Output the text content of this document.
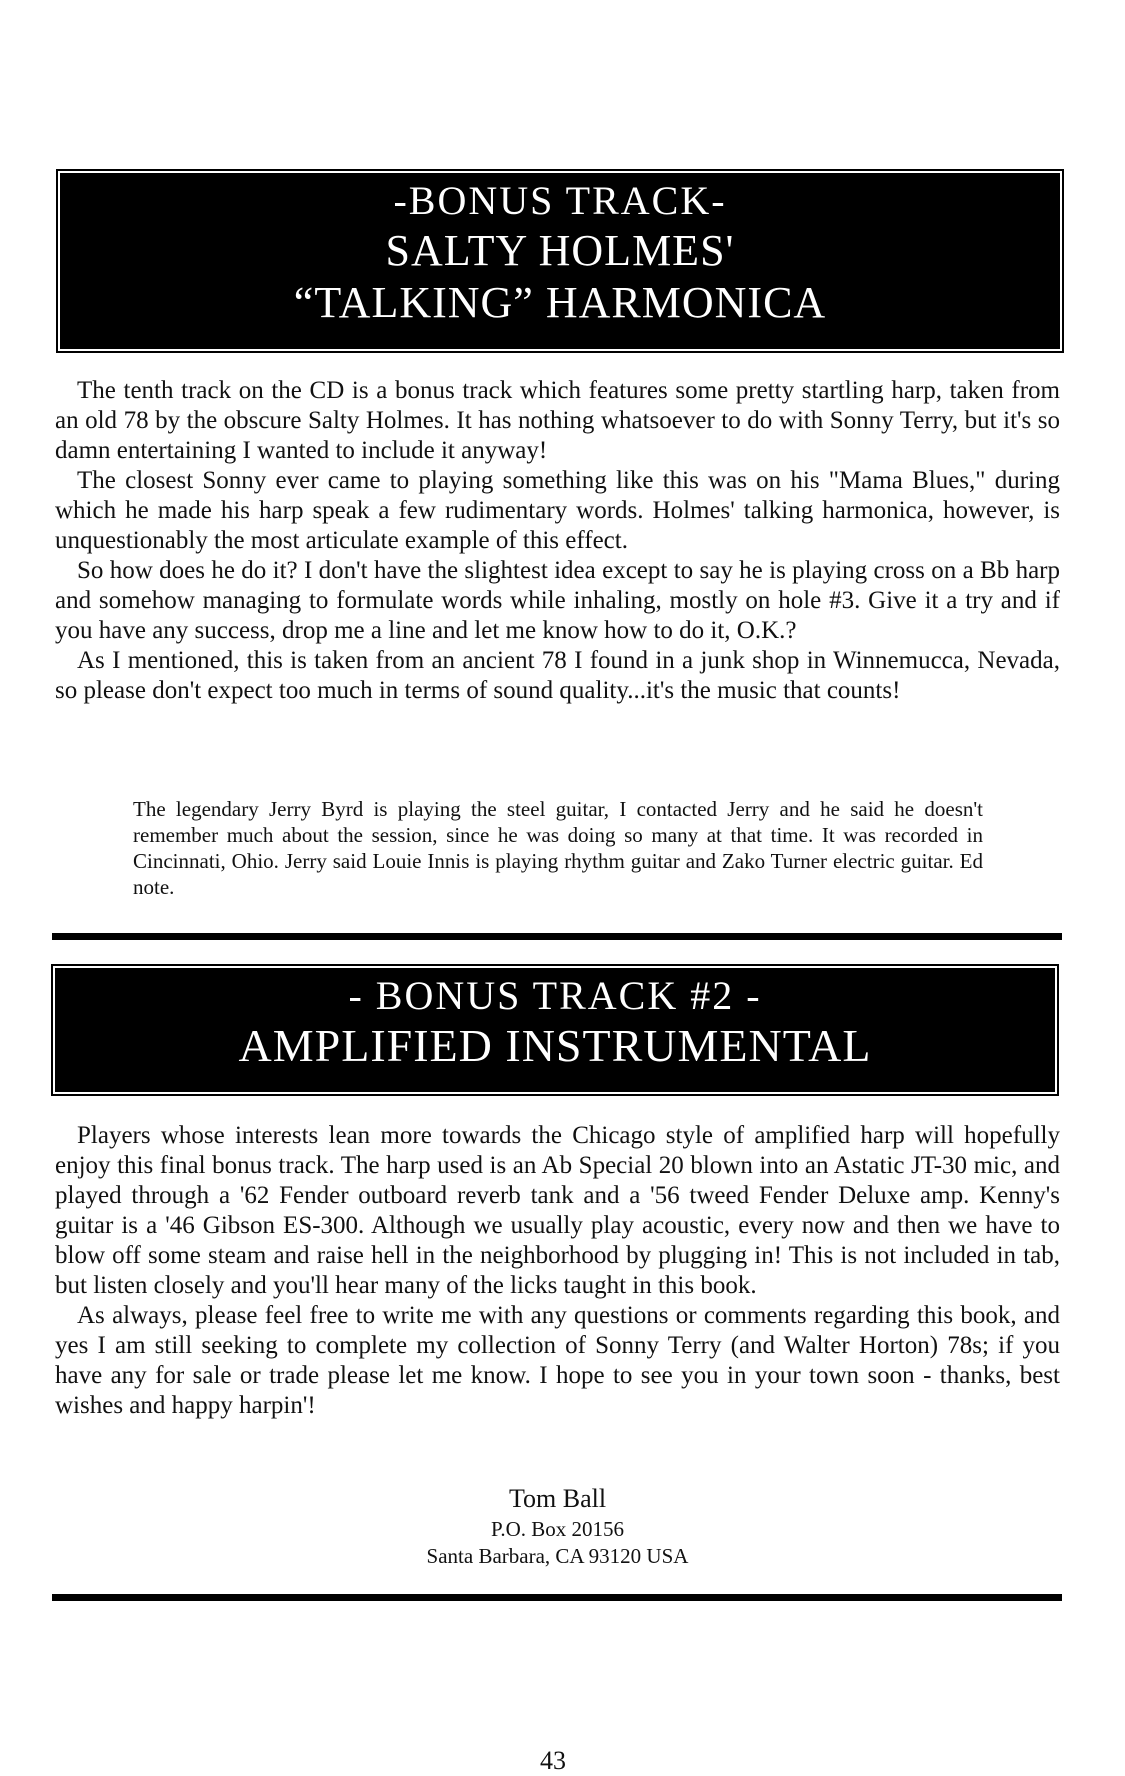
-BONUS TRACK-
SALTY HOLMES'
“TALKING” HARMONICA

The tenth track on the CD is a bonus track which features some pretty startling harp, taken from an old 78 by the obscure Salty Holmes. It has nothing whatsoever to do with Sonny Terry, but it's so damn entertaining I wanted to include it anyway!

The closest Sonny ever came to playing something like this was on his "Mama Blues," during which he made his harp speak a few rudimentary words. Holmes' talking harmonica, however, is unquestionably the most articulate example of this effect.

So how does he do it? I don't have the slightest idea except to say he is playing cross on a Bb harp and somehow managing to formulate words while inhaling, mostly on hole #3. Give it a try and if you have any success, drop me a line and let me know how to do it, O.K.?

As I mentioned, this is taken from an ancient 78 I found in a junk shop in Winnemucca, Nevada, so please don't expect too much in terms of sound quality...it's the music that counts!

The legendary Jerry Byrd is playing the steel guitar, I contacted Jerry and he said he doesn't remember much about the session, since he was doing so many at that time. It was recorded in Cincinnati, Ohio. Jerry said Louie Innis is playing rhythm guitar and Zako Turner electric guitar. Ed note.
- BONUS TRACK #2 -
AMPLIFIED INSTRUMENTAL

Players whose interests lean more towards the Chicago style of amplified harp will hopefully enjoy this final bonus track. The harp used is an Ab Special 20 blown into an Astatic JT-30 mic, and played through a '62 Fender outboard reverb tank and a '56 tweed Fender Deluxe amp. Kenny's guitar is a '46 Gibson ES-300. Although we usually play acoustic, every now and then we have to blow off some steam and raise hell in the neighborhood by plugging in! This is not included in tab, but listen closely and you'll hear many of the licks taught in this book.

As always, please feel free to write me with any questions or comments regarding this book, and yes I am still seeking to complete my collection of Sonny Terry (and Walter Horton) 78s; if you have any for sale or trade please let me know. I hope to see you in your town soon - thanks, best wishes and happy harpin'!

Tom Ball
P.O. Box 20156
Santa Barbara, CA 93120 USA
43
